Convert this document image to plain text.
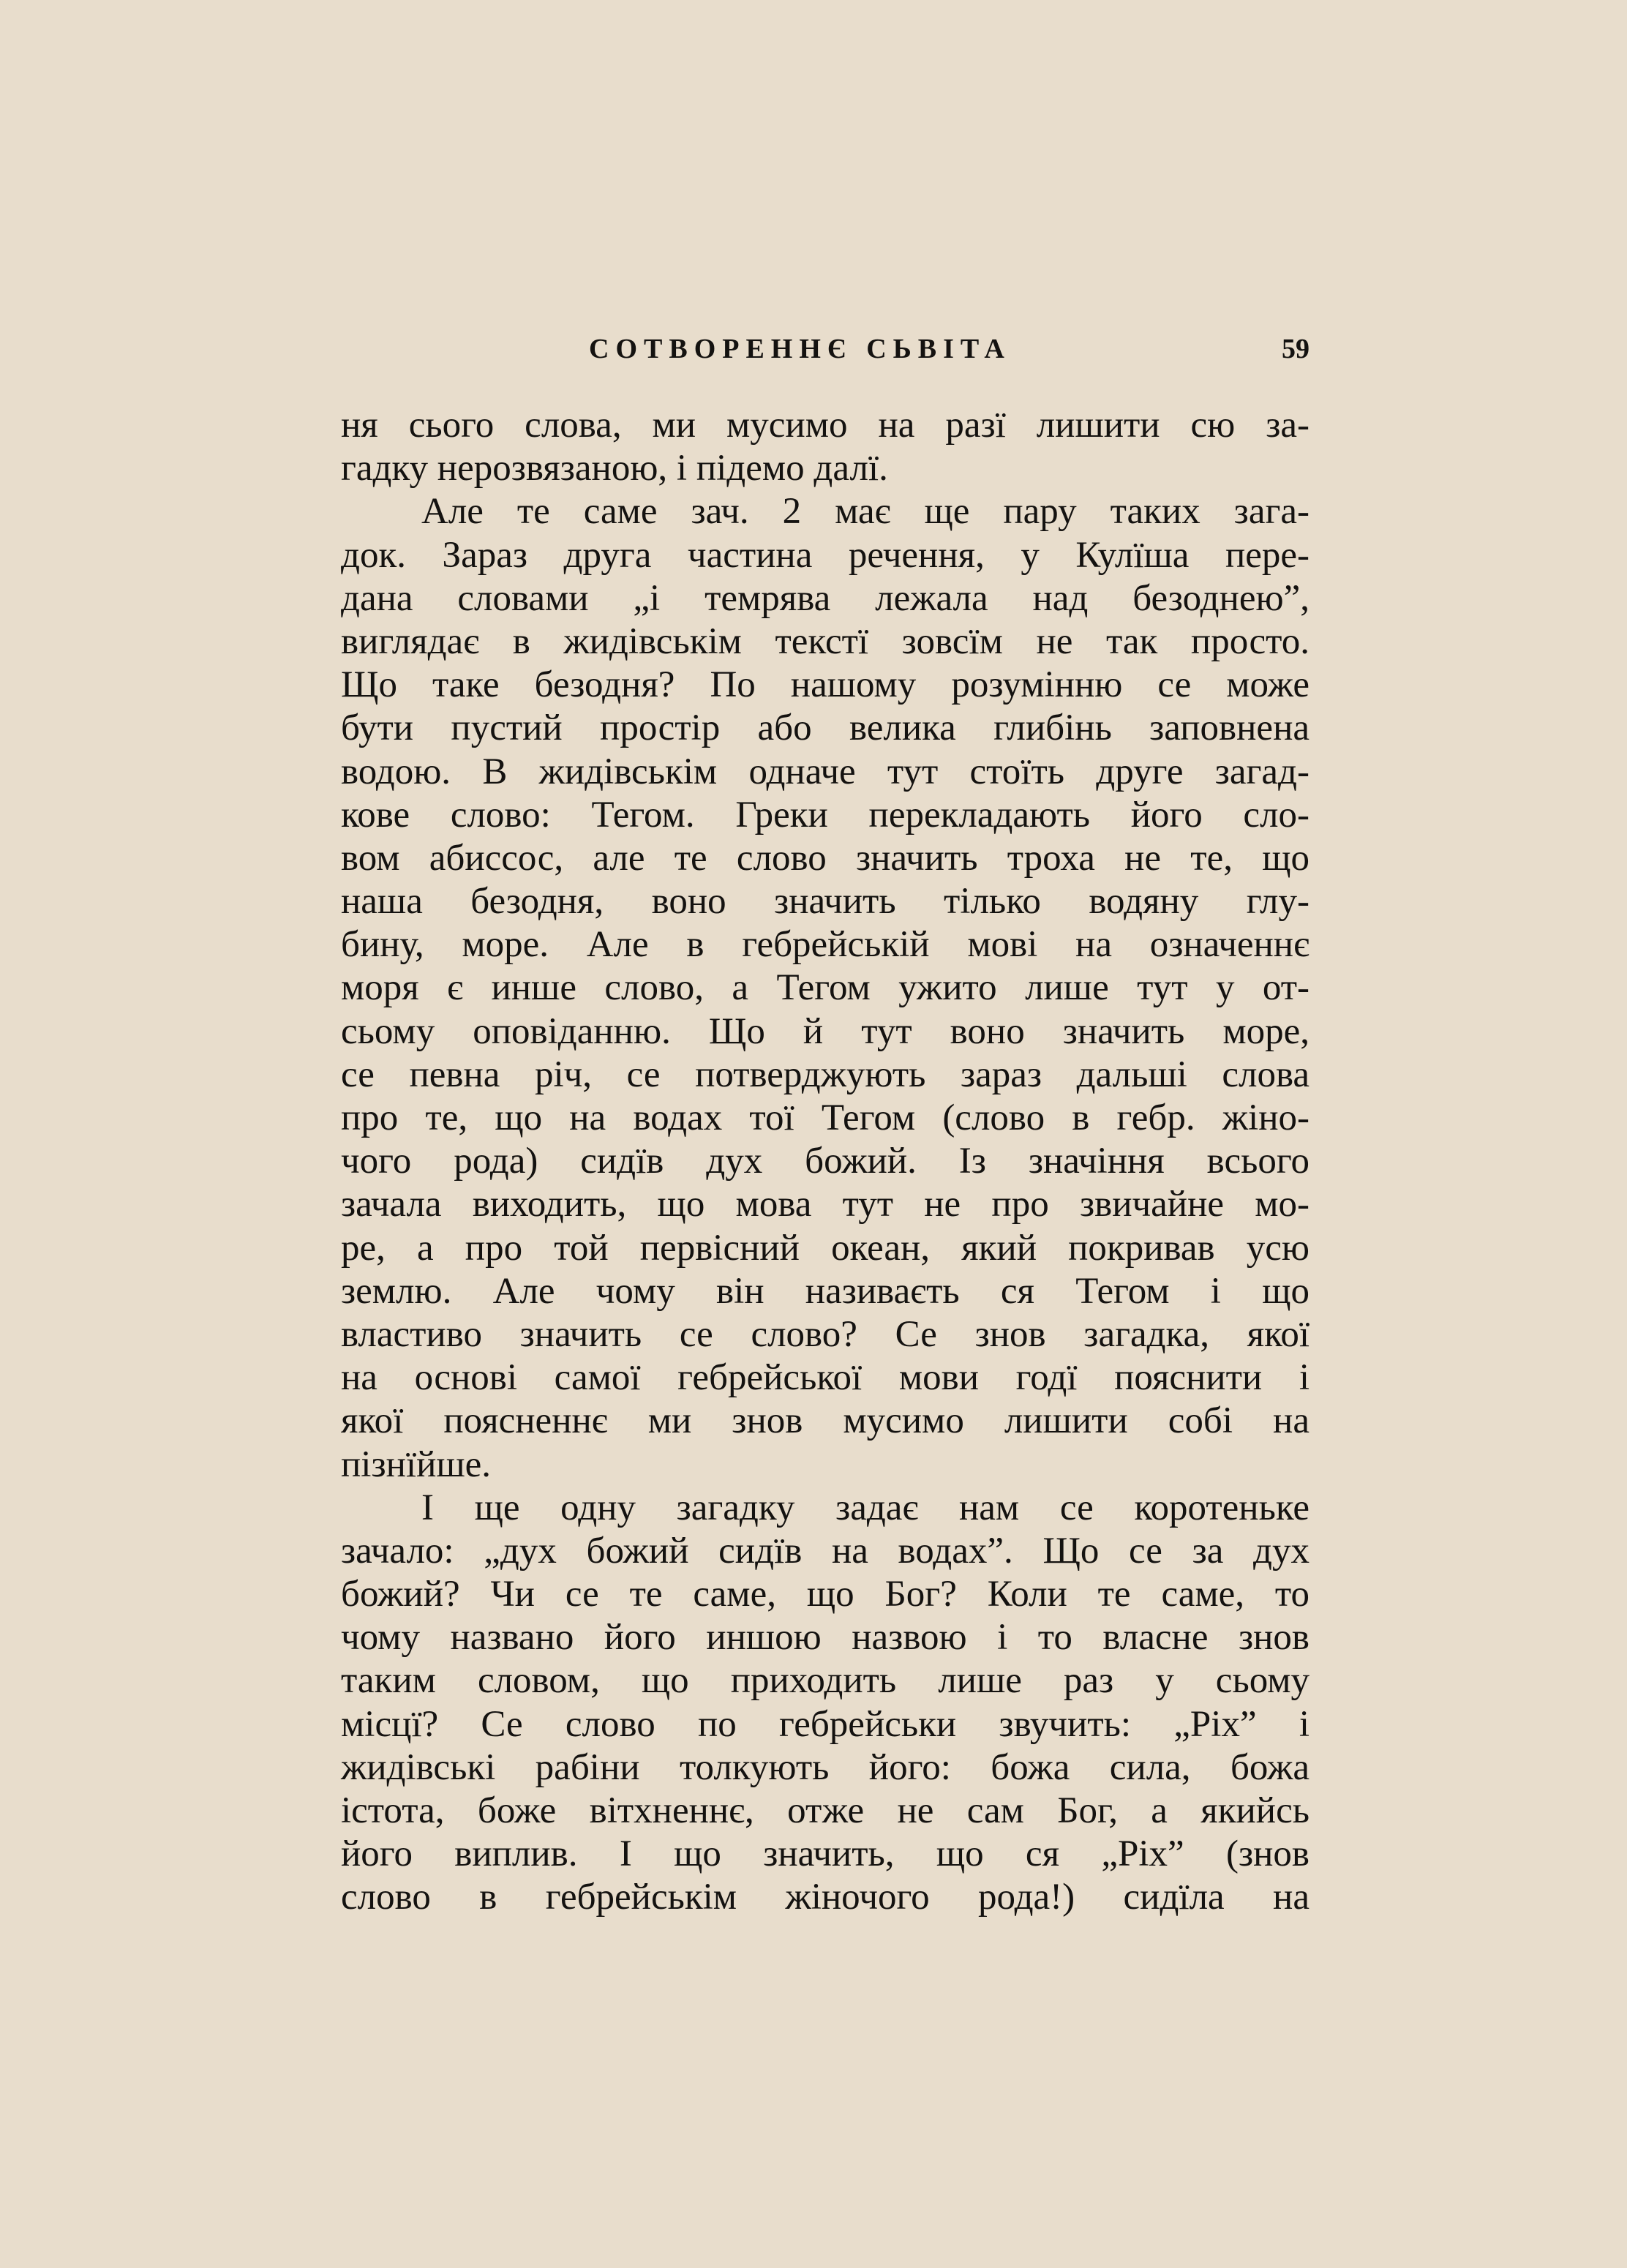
СОТВОРЕННЄ СЬВІТА	59
ня сього слова, ми мусимо на разї лишити сю за-
гадку нерозвязаною, і підемо далї.
Але те саме зач. 2 має ще пару таких зага-
док. Зараз друга частина речення, у Кулїша пере-
дана словами „і темрява лежала над безоднею”,
виглядає в жидівськім текстї зовсїм не так просто.
Що таке безодня? По нашому розумінню се може
бути пустий простір або велика глибінь заповнена
водою. В жидівськім одначе тут стоїть друге загад-
кове слово: Тегом. Греки перекладають його сло-
вом абиссос, але те слово значить троха не те, що
наша безодня, воно значить тілько водяну глу-
бину, море. Але в гебрейській мові на означеннє
моря є инше слово, а Тегом ужито лише тут у от-
сьому оповіданню. Що й тут воно значить море,
се певна річ, се потверджують зараз дальші слова
про те, що на водах тої Тегом (слово в гебр. жіно-
чого рода) сидїв дух божий. Із значіння всього
зачала виходить, що мова тут не про звичайне мо-
ре, а про той первісний океан, який покривав усю
землю. Але чому він називаєть ся Тегом і що
властиво значить се слово? Се знов загадка, якої
на основі самої гебрейської мови годї пояснити і
якої поясненнє ми знов мусимо лишити собі на
пізнїйше.
І ще одну загадку задає нам се коротеньке
зачало: „дух божий сидїв на водах”. Що се за дух
божий? Чи се те саме, що Бог? Коли те саме, то
чому названо його иншою назвою і то власне знов
таким словом, що приходить лише раз у сьому
місцї? Се слово по гебрейськи звучить: „Ріх” і
жидівські рабіни толкують його: божа сила, божа
істота, боже вітхненнє, отже не сам Бог, а якийсь
його виплив. І що значить, що ся „Ріх” (знов
слово в гебрейськім жіночого рода!) сидїла на
